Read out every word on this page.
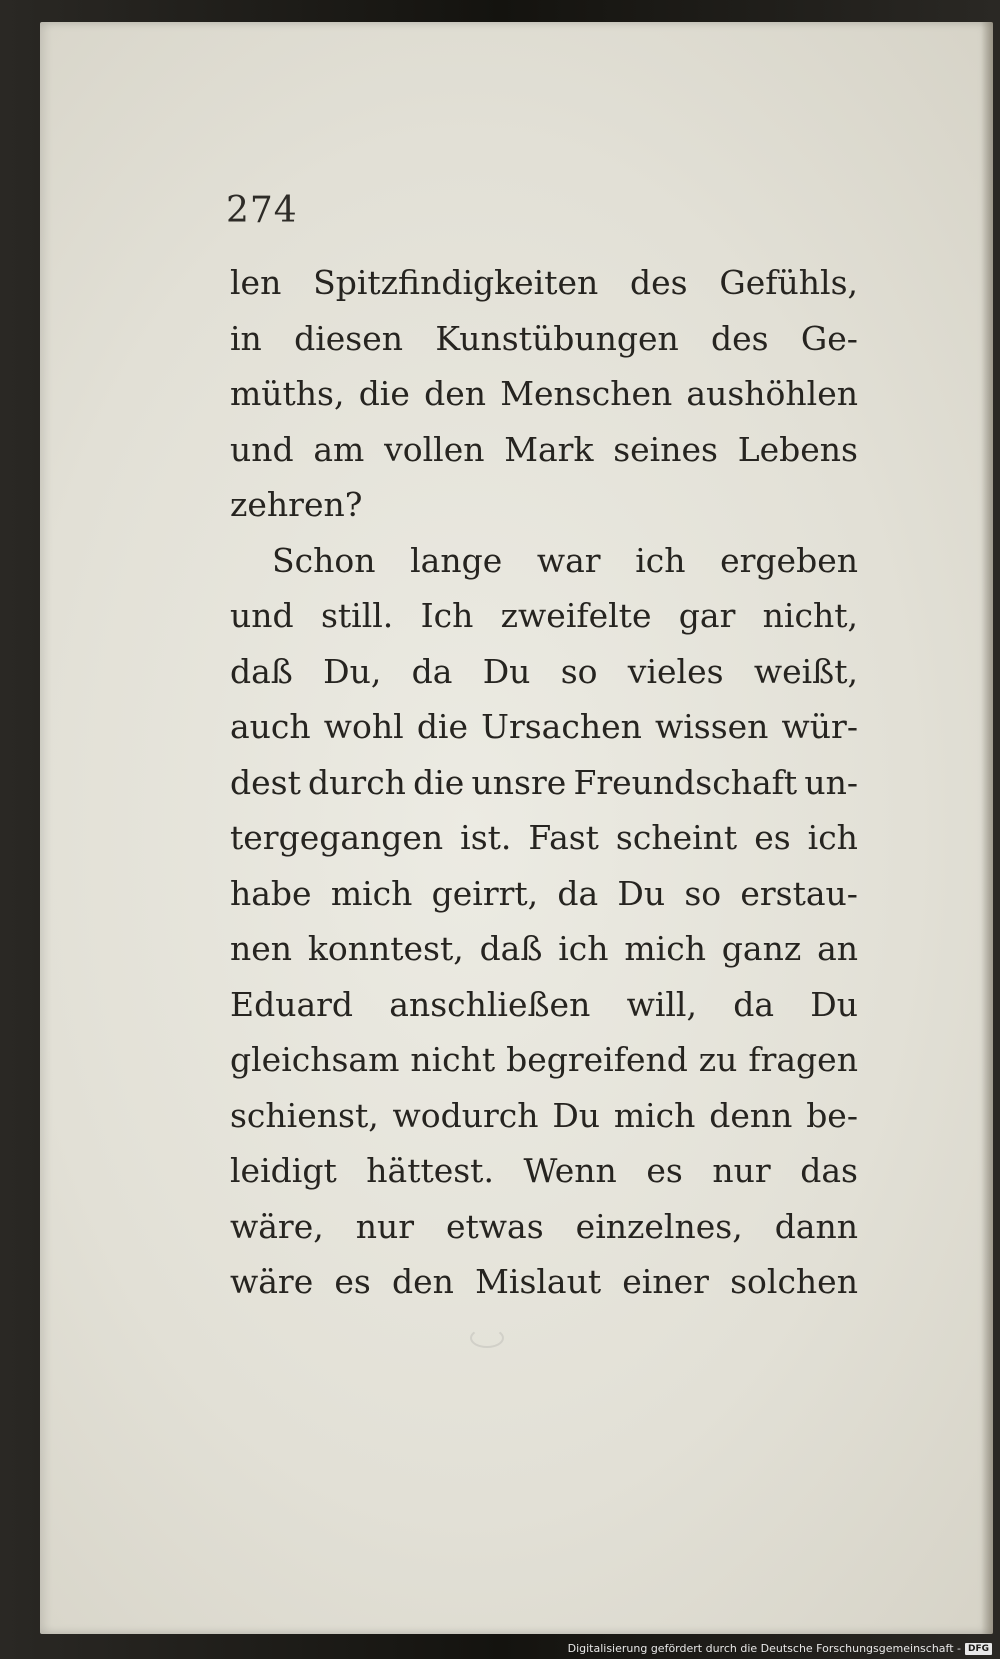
274
len Spitzfindigkeiten des Gefühls,
in diesen Kunstübungen des Ge-
müths, die den Menschen aushöhlen
und am vollen Mark seines Lebens
zehren?
Schon lange war ich ergeben
und still. Ich zweifelte gar nicht,
daß Du, da Du so vieles weißt,
auch wohl die Ursachen wissen wür-
dest durch die unsre Freundschaft un-
tergegangen ist. Fast scheint es ich
habe mich geirrt, da Du so erstau-
nen konntest, daß ich mich ganz an
Eduard anschließen will, da Du
gleichsam nicht begreifend zu fragen
schienst, wodurch Du mich denn be-
leidigt hättest. Wenn es nur das
wäre, nur etwas einzelnes, dann
wäre es den Mislaut einer solchen
Digitalisierung gefördert durch die Deutsche Forschungsgemeinschaft - DFG
